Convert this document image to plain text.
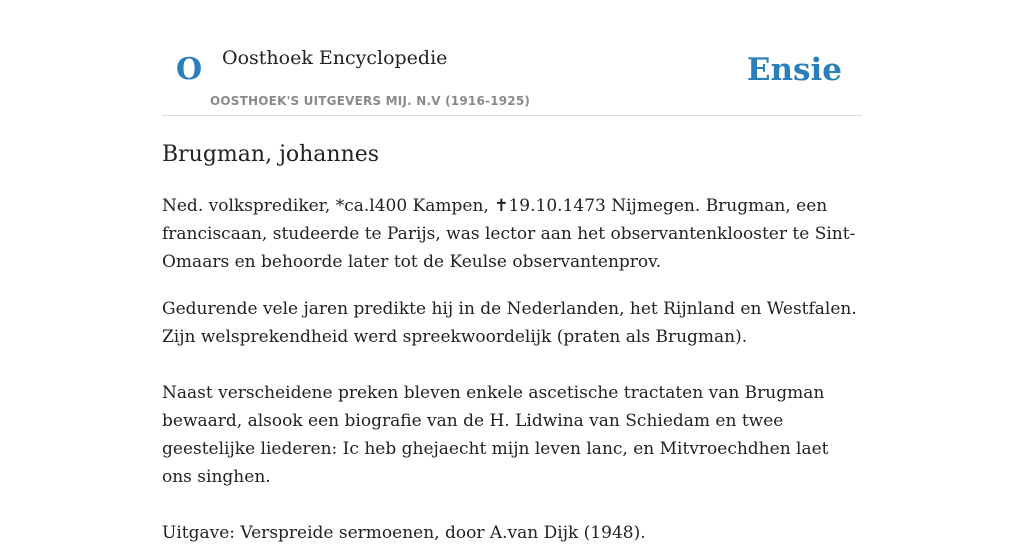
O Oosthoek Encyclopedie
OOSTHOEK'S UITGEVERS MIJ. N.V (1916-1925)
Ensie
Brugman, johannes

Ned. volksprediker, *ca.l400 Kampen, ✝19.10.1473 Nijmegen. Brugman, een franciscaan, studeerde te Parijs, was lector aan het observantenklooster te Sint-Omaars en behoorde later tot de Keulse observantenprov.

Gedurende vele jaren predikte hij in de Nederlanden, het Rijnland en Westfalen. Zijn welsprekendheid werd spreekwoordelijk (praten als Brugman).

Naast verscheidene preken bleven enkele ascetische tractaten van Brugman bewaard, alsook een biografie van de H. Lidwina van Schiedam en twee geestelijke liederen: Ic heb ghejaecht mijn leven lanc, en Mitvroechdhen laet ons singhen.

Uitgave: Verspreide sermoenen, door A.van Dijk (1948).
